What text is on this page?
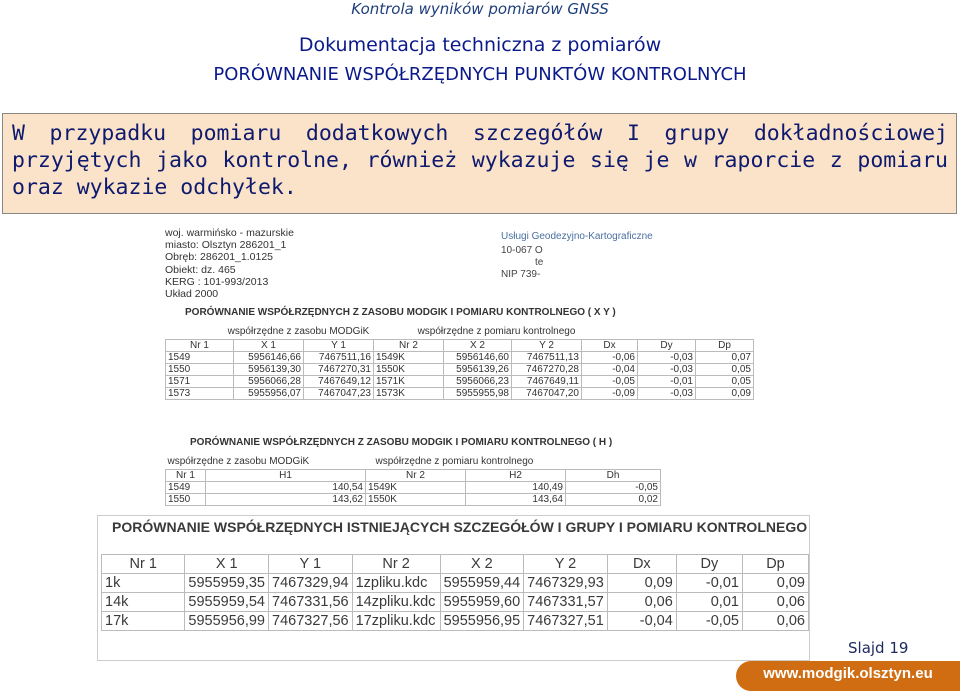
Kontrola wyników pomiarów GNSS
Dokumentacja techniczna z pomiarów
PORÓWNANIE WSPÓŁRZĘDNYCH PUNKTÓW KONTROLNYCH
W przypadku pomiaru dodatkowych szczegółów I grupy dokładnościowej przyjętych jako kontrolne, również wykazuje się je w raporcie z pomiaru oraz wykazie odchyłek.
woj. warmińsko - mazurskie
miasto: Olsztyn 286201_1
Obręb: 286201_1.0125
Obiekt: dz. 465
KERG : 101-993/2013
Układ 2000
Usługi Geodezyjno-Kartograficzne
10-067 O
te
NIP 739-
PORÓWNANIE WSPÓŁRZĘDNYCH Z ZASOBU MODGIK I POMIARU KONTROLNEGO ( X Y )
współrzędne z zasobu MODGiK			współrzędne z pomiaru kontrolnego					
Nr 1	X 1	Y 1	Nr 2	X 2	Y 2	Dx	Dy	Dp
1549	5956146,66	7467511,16	1549K	5956146,60	7467511,13	-0,06	-0,03	0,07
1550	5956139,30	7467270,31	1550K	5956139,26	7467270,28	-0,04	-0,03	0,05
1571	5956066,28	7467649,12	1571K	5956066,23	7467649,11	-0,05	-0,01	0,05
1573	5955956,07	7467047,23	1573K	5955955,98	7467047,20	-0,09	-0,03	0,09
PORÓWNANIE WSPÓŁRZĘDNYCH Z ZASOBU MODGIK I POMIARU KONTROLNEGO ( H )
współrzędne z zasobu MODGiK		współrzędne z pomiaru kontrolnego		
Nr 1	H1	Nr 2	H2	Dh
1549	140,54	1549K	140,49	-0,05
1550	143,62	1550K	143,64	0,02
PORÓWNANIE WSPÓŁRZĘDNYCH ISTNIEJĄCYCH SZCZEGÓŁÓW I GRUPY I POMIARU KONTROLNEGO
Nr 1	X 1	Y 1	Nr 2	X 2	Y 2	Dx	Dy	Dp
1k	5955959,35	7467329,94	1zpliku.kdc	5955959,44	7467329,93	0,09	-0,01	0,09
14k	5955959,54	7467331,56	14zpliku.kdc	5955959,60	7467331,57	0,06	0,01	0,06
17k	5955956,99	7467327,56	17zpliku.kdc	5955956,95	7467327,51	-0,04	-0,05	0,06
Slajd 19
www.modgik.olsztyn.eu
